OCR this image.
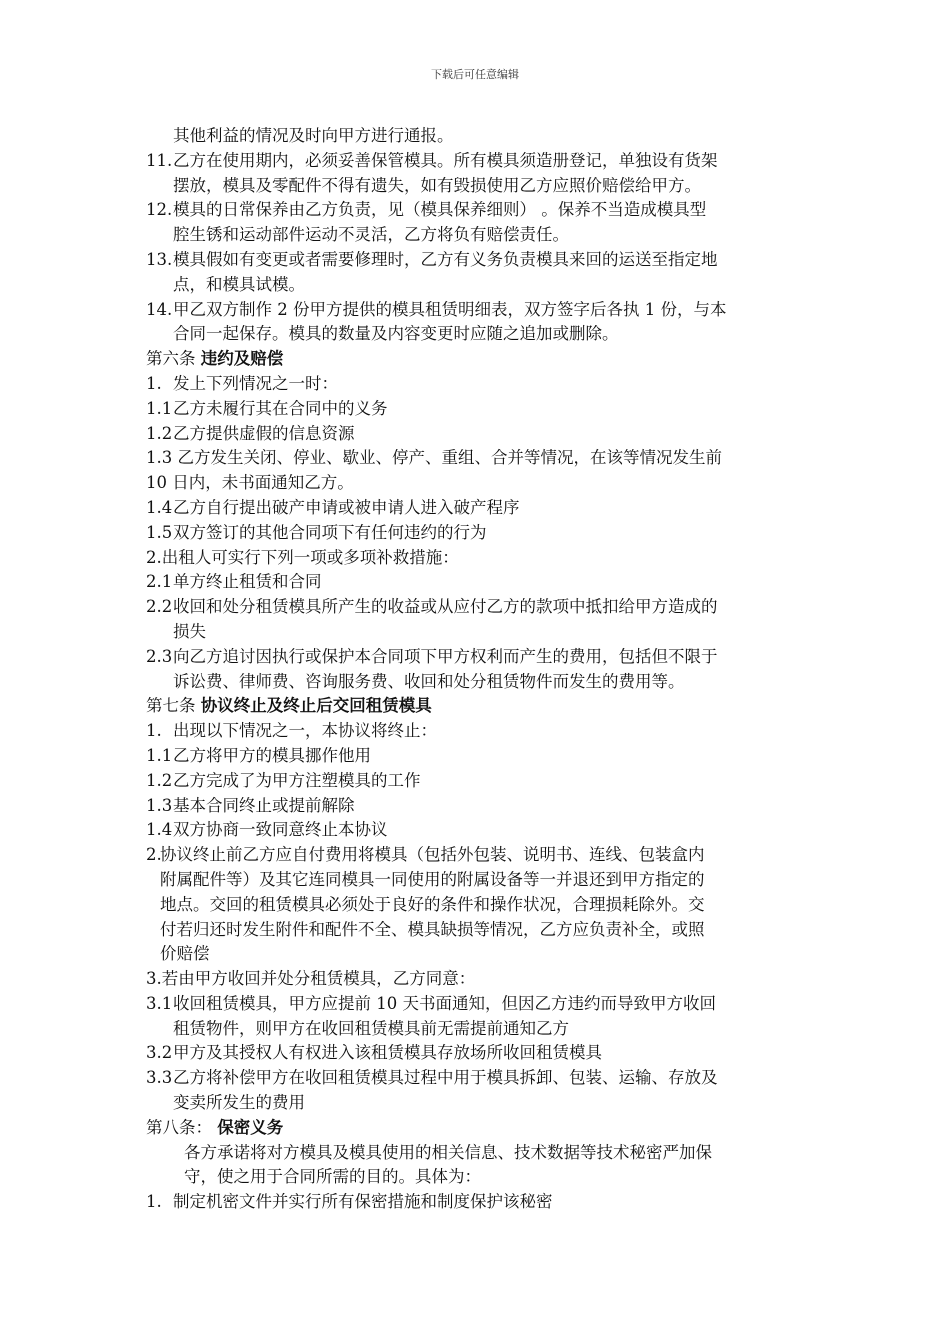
下载后可任意编辑
其他利益的情况及时向甲方进行通报。
11.乙方在使用期内，必须妥善保管模具。所有模具须造册登记，单独设有货架
摆放，模具及零配件不得有遗失，如有毁损使用乙方应照价赔偿给甲方。
12.模具的日常保养由乙方负责，见（模具保养细则） 。保养不当造成模具型
腔生锈和运动部件运动不灵活，乙方将负有赔偿责任。
13.模具假如有变更或者需要修理时，乙方有义务负责模具来回的运送至指定地
点，和模具试模。
14.甲乙双方制作 2 份甲方提供的模具租赁明细表，双方签字后各执 1 份，与本
合同一起保存。模具的数量及内容变更时应随之追加或删除。
第六条 违约及赔偿
1. 发上下列情况之一时：
1.1乙方未履行其在合同中的义务
1.2乙方提供虚假的信息资源
1.3 乙方发生关闭、停业、歇业、停产、重组、合并等情况，在该等情况发生前
10 日内，未书面通知乙方。
1.4乙方自行提出破产申请或被申请人进入破产程序
1.5双方签订的其他合同项下有任何违约的行为
2.出租人可实行下列一项或多项补救措施：
2.1单方终止租赁和合同
2.2收回和处分租赁模具所产生的收益或从应付乙方的款项中抵扣给甲方造成的
损失
2.3向乙方追讨因执行或保护本合同项下甲方权利而产生的费用，包括但不限于
诉讼费、律师费、咨询服务费、收回和处分租赁物件而发生的费用等。
第七条 协议终止及终止后交回租赁模具
1. 出现以下情况之一，本协议将终止：
1.1乙方将甲方的模具挪作他用
1.2乙方完成了为甲方注塑模具的工作
1.3基本合同终止或提前解除
1.4双方协商一致同意终止本协议
2.协议终止前乙方应自付费用将模具（包括外包装、说明书、连线、包装盒内
附属配件等）及其它连同模具一同使用的附属设备等一并退还到甲方指定的
地点。交回的租赁模具必须处于良好的条件和操作状况，合理损耗除外。交
付若归还时发生附件和配件不全、模具缺损等情况，乙方应负责补全，或照
价赔偿
3.若由甲方收回并处分租赁模具，乙方同意：
3.1收回租赁模具，甲方应提前 10 天书面通知，但因乙方违约而导致甲方收回
租赁物件，则甲方在收回租赁模具前无需提前通知乙方
3.2甲方及其授权人有权进入该租赁模具存放场所收回租赁模具
3.3乙方将补偿甲方在收回租赁模具过程中用于模具拆卸、包装、运输、存放及
变卖所发生的费用
第八条： 保密义务
各方承诺将对方模具及模具使用的相关信息、技术数据等技术秘密严加保
守，使之用于合同所需的目的。具体为：
1. 制定机密文件并实行所有保密措施和制度保护该秘密
